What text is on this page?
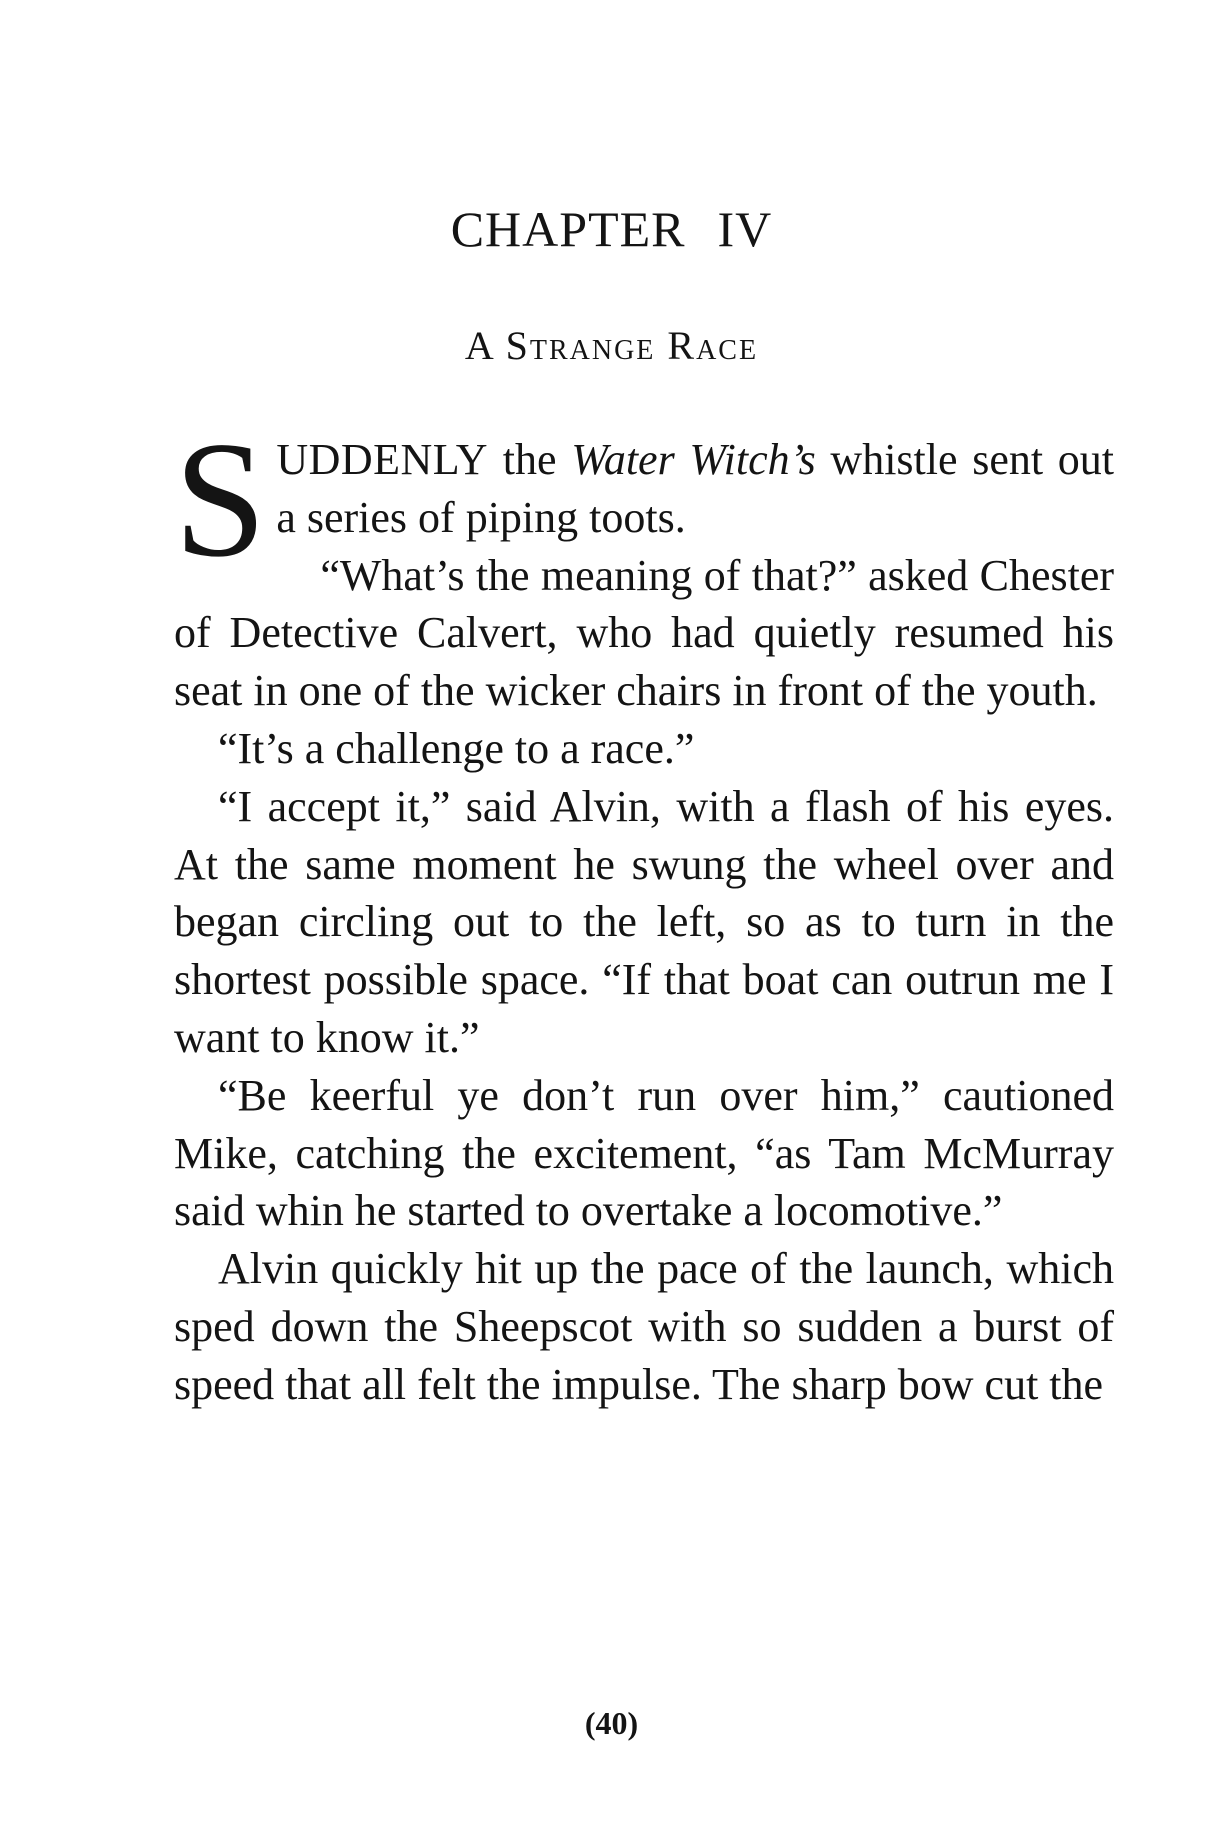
CHAPTER IV
A Strange Race

SUDDENLY the Water Witch’s whistle sent out a series of piping toots.

“What’s the meaning of that?” asked Chester of Detective Calvert, who had quietly resumed his seat in one of the wicker chairs in front of the youth.

“It’s a challenge to a race.”

“I accept it,” said Alvin, with a flash of his eyes. At the same moment he swung the wheel over and began circling out to the left, so as to turn in the shortest possible space. “If that boat can outrun me I want to know it.”

“Be keerful ye don’t run over him,” cautioned Mike, catching the excitement, “as Tam McMurray said whin he started to overtake a locomotive.”

Alvin quickly hit up the pace of the launch, which sped down the Sheepscot with so sudden a burst of speed that all felt the impulse. The sharp bow cut the

(40)
